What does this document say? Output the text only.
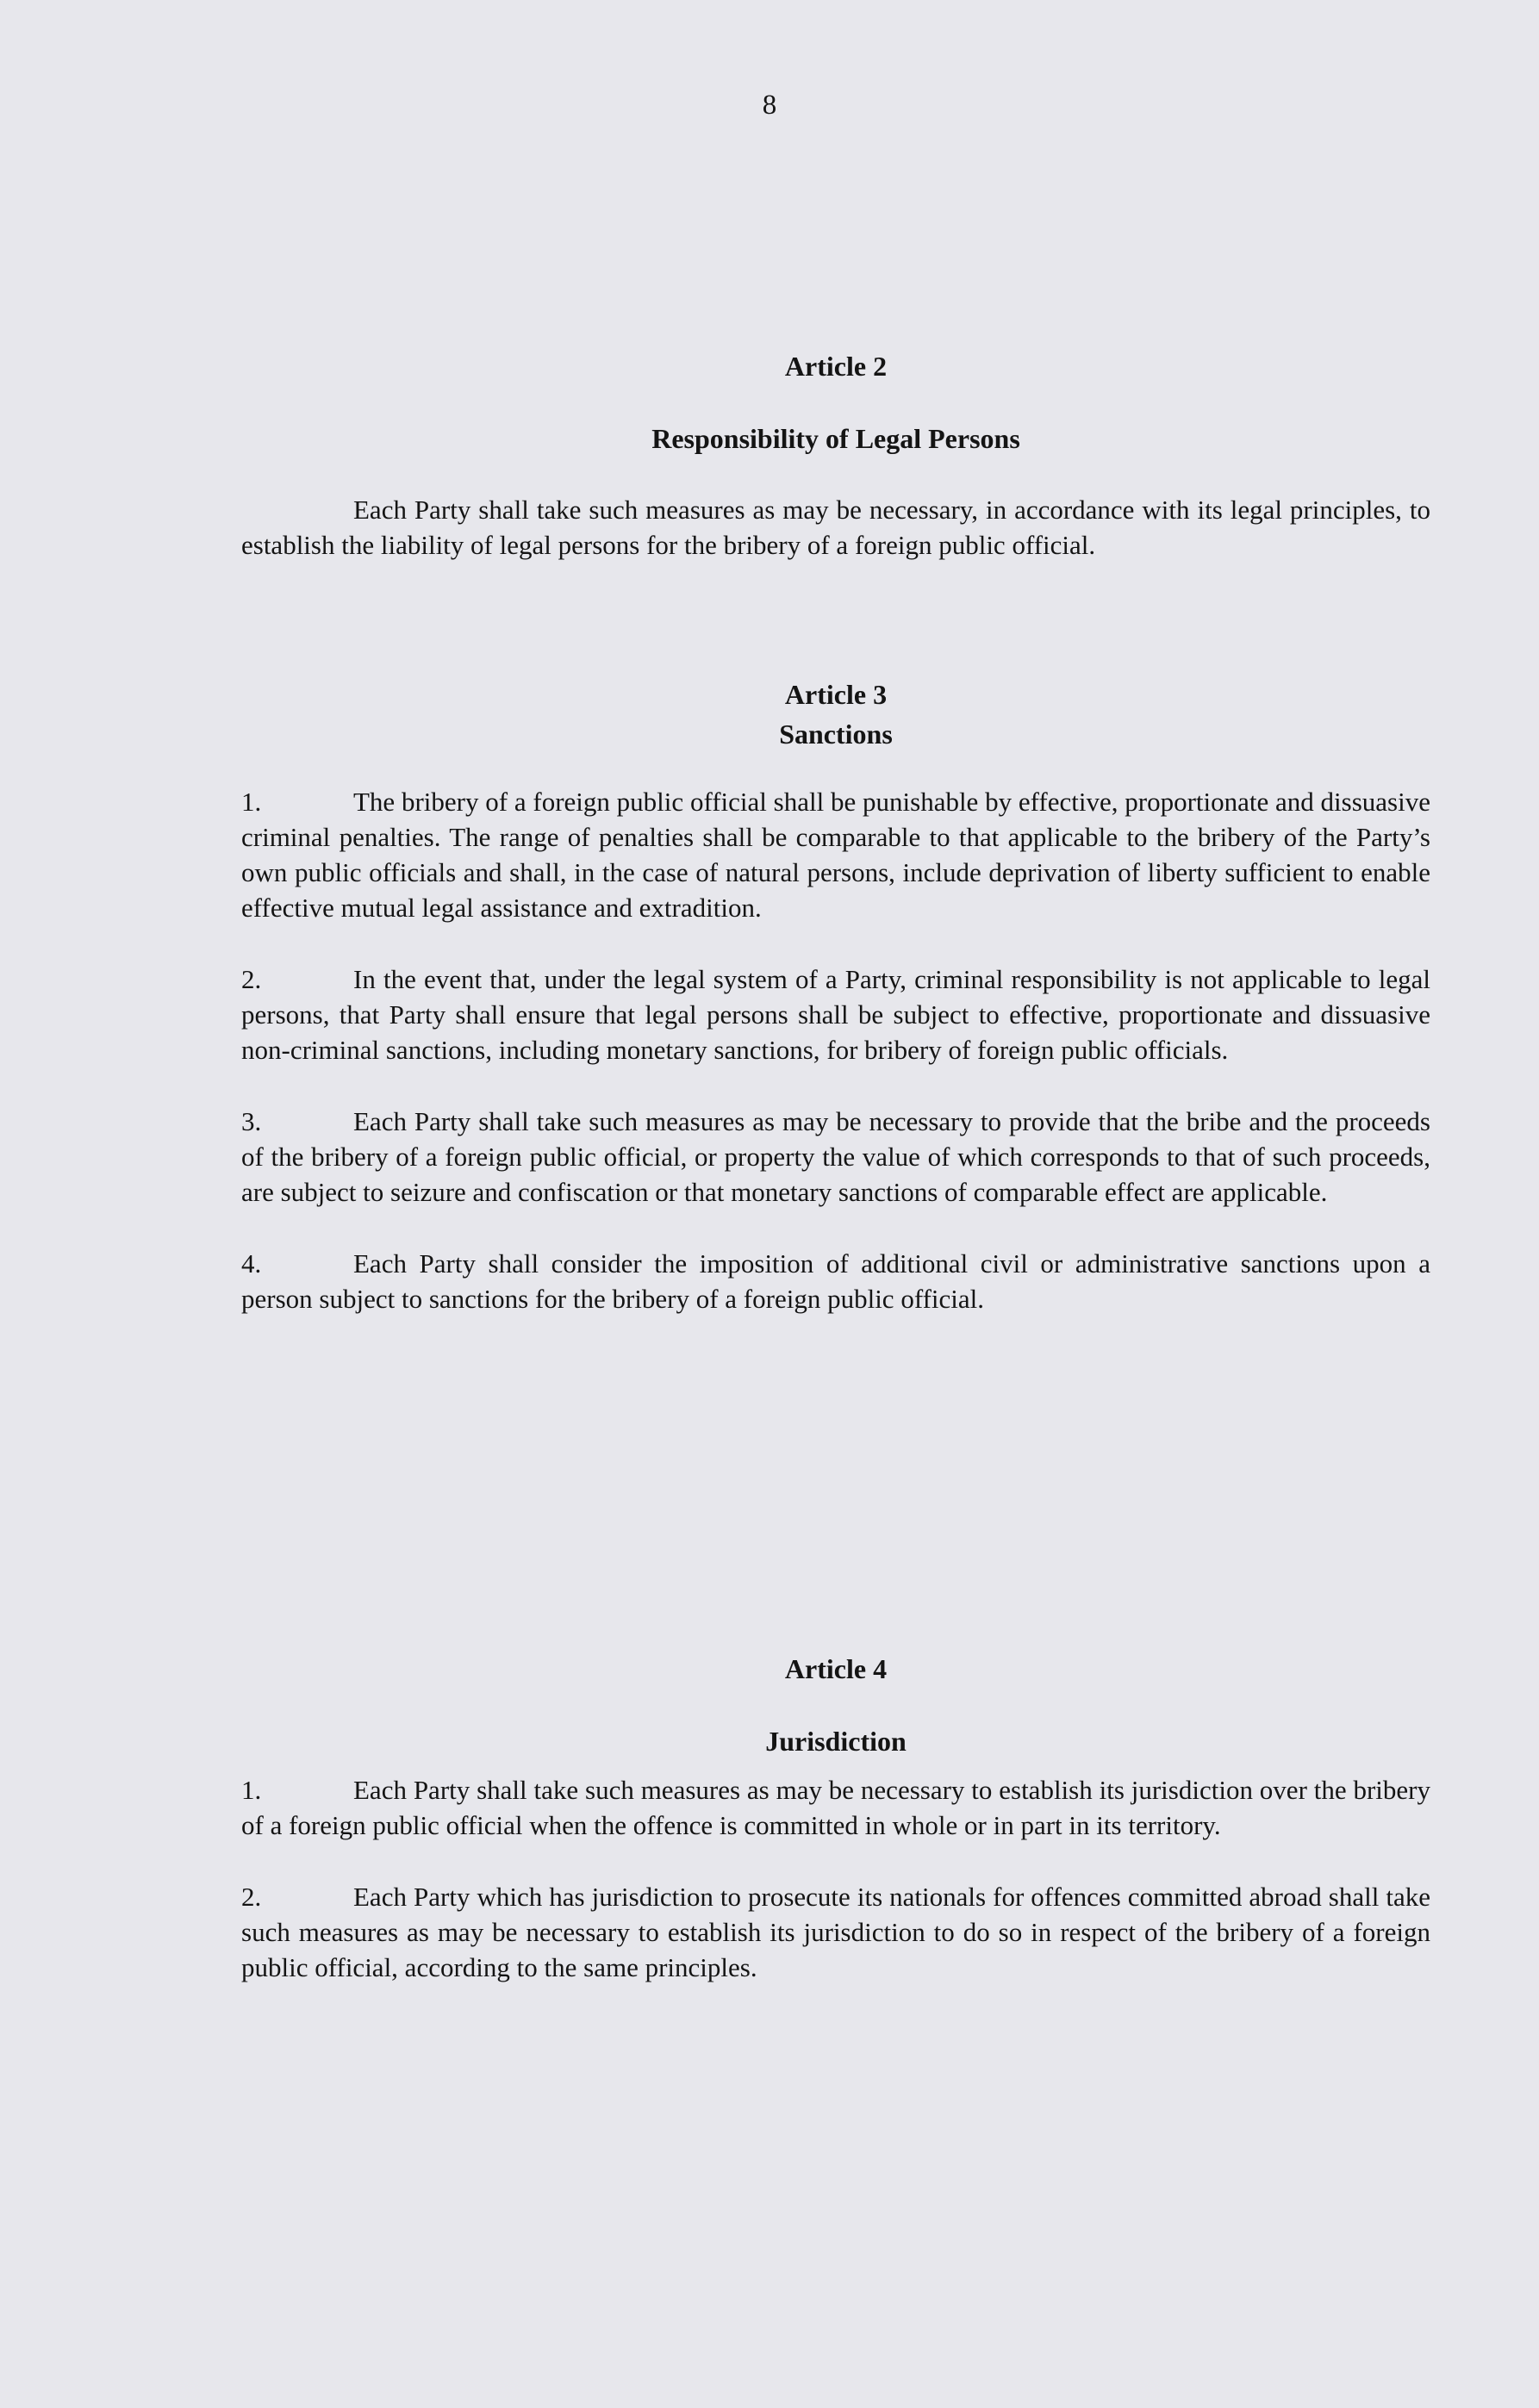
8
Article 2
Responsibility of Legal Persons

Each Party shall take such measures as may be necessary, in accordance with its legal principles, to establish the liability of legal persons for the bribery of a foreign public official.

Article 3
Sanctions

1.	The bribery of a foreign public official shall be punishable by effective, proportionate and dissuasive criminal penalties. The range of penalties shall be comparable to that applicable to the bribery of the Party’s own public officials and shall, in the case of natural persons, include deprivation of liberty sufficient to enable effective mutual legal assistance and extradition.

2.	In the event that, under the legal system of a Party, criminal responsibility is not applicable to legal persons, that Party shall ensure that legal persons shall be subject to effective, proportionate and dissuasive non-criminal sanctions, including monetary sanctions, for bribery of foreign public officials.

3.	Each Party shall take such measures as may be necessary to provide that the bribe and the proceeds of the bribery of a foreign public official, or property the value of which corresponds to that of such proceeds, are subject to seizure and confiscation or that monetary sanctions of comparable effect are applicable.

4.	Each Party shall consider the imposition of additional civil or administrative sanctions upon a person subject to sanctions for the bribery of a foreign public official.

Article 4
Jurisdiction

1.	Each Party shall take such measures as may be necessary to establish its jurisdiction over the bribery of a foreign public official when the offence is committed in whole or in part in its territory.

2.	Each Party which has jurisdiction to prosecute its nationals for offences committed abroad shall take such measures as may be necessary to establish its jurisdiction to do so in respect of the bribery of a foreign public official, according to the same principles.
